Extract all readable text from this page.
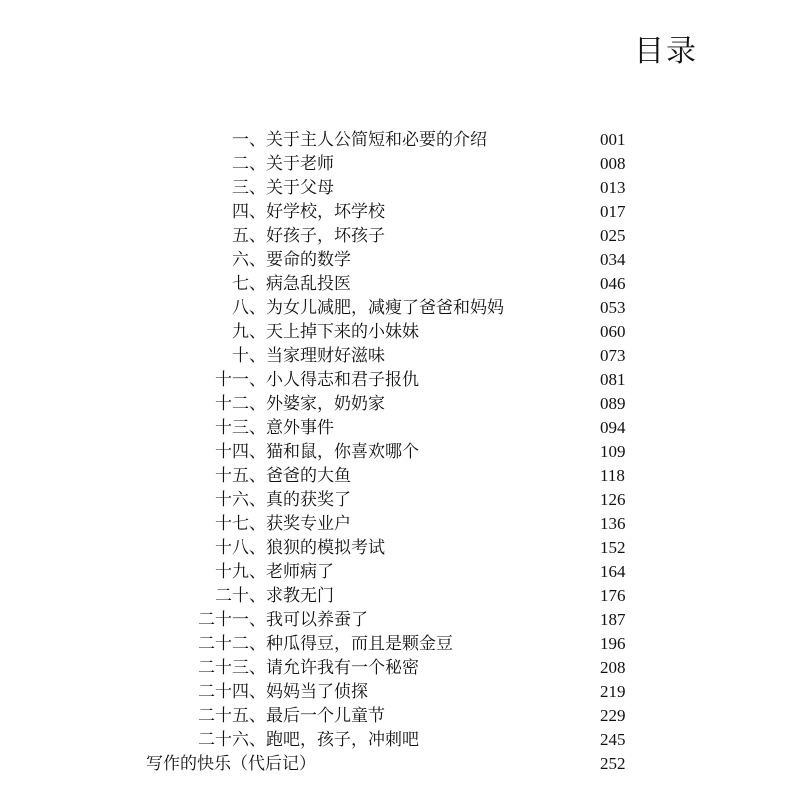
目录
一、 关于主人公简短和必要的介绍	001
二、 关于老师	008
三、 关于父母	013
四、 好学校，坏学校	017
五、 好孩子，坏孩子	025
六、 要命的数学	034
七、 病急乱投医	046
八、 为女儿减肥，减瘦了爸爸和妈妈	053
九、 天上掉下来的小妹妹	060
十、 当家理财好滋味	073
十一、 小人得志和君子报仇	081
十二、 外婆家，奶奶家	089
十三、 意外事件	094
十四、 猫和鼠，你喜欢哪个	109
十五、 爸爸的大鱼	118
十六、 真的获奖了	126
十七、 获奖专业户	136
十八、 狼狈的模拟考试	152
十九、 老师病了	164
二十、 求教无门	176
二十一、 我可以养蚕了	187
二十二、 种瓜得豆，而且是颗金豆	196
二十三、 请允许我有一个秘密	208
二十四、 妈妈当了侦探	219
二十五、 最后一个儿童节	229
二十六、 跑吧，孩子，冲刺吧	245
写作的快乐（代后记）	252
